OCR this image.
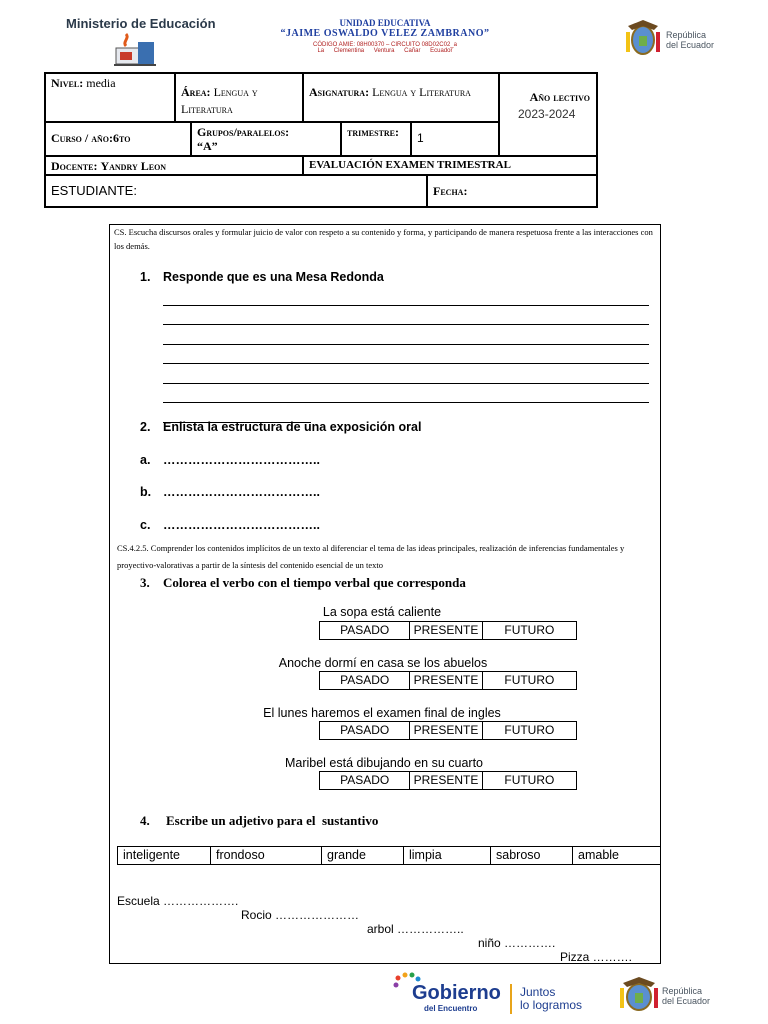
Ministerio de Educación	UNIDAD EDUCATIVA
“JAIME OSWALDO VELEZ ZAMBRANO”
CÓDIGO AMIE: 08H00370 – CIRCUITO 08D02C02_a
La Clementina Ventura Cañar Ecuador
República
del Ecuador
Nivel: media
Área: Lengua y Literatura
Asignatura: Lengua y Literatura	Año lectivo
2023-2024
Curso / año:6to	Grupos/paralelos:
“A”
trimestre:	1
Docente: Yandry Leon	EVALUACIÓN EXAMEN TRIMESTRAL
ESTUDIANTE:	Fecha:
CS. Escucha discursos orales y formular juicio de valor con respeto a su contenido y forma, y participando de manera respetuosa frente a las interacciones con los demás.
1. Responde que es una Mesa Redonda
2. Enlista la estructura de una exposición oral
a. ………………………………..
b. ………………………………..
c. ………………………………..
CS.4.2.5. Comprender los contenidos implícitos de un texto al diferenciar el tema de las ideas principales, realización de inferencias fundamentales y proyectivo-valorativas a partir de la síntesis del contenido esencial de un texto
3. Colorea el verbo con el tiempo verbal que corresponda
La sopa está caliente
PASADO	PRESENTE	FUTURO
Anoche dormí en casa se los abuelos
PASADO	PRESENTE	FUTURO
El lunes haremos el examen final de ingles
PASADO	PRESENTE	FUTURO
Maribel está dibujando en su cuarto
PASADO	PRESENTE	FUTURO
4. Escribe un adjetivo para el  sustantivo
inteligente	frondoso	grande	limpia	sabroso	amable

Escuela ……………….

Rocio …………………

arbol ……………..

niño ………….

Pizza ……….

Gobierno
del Encuentro
Juntos
lo logramos
República
del Ecuador
